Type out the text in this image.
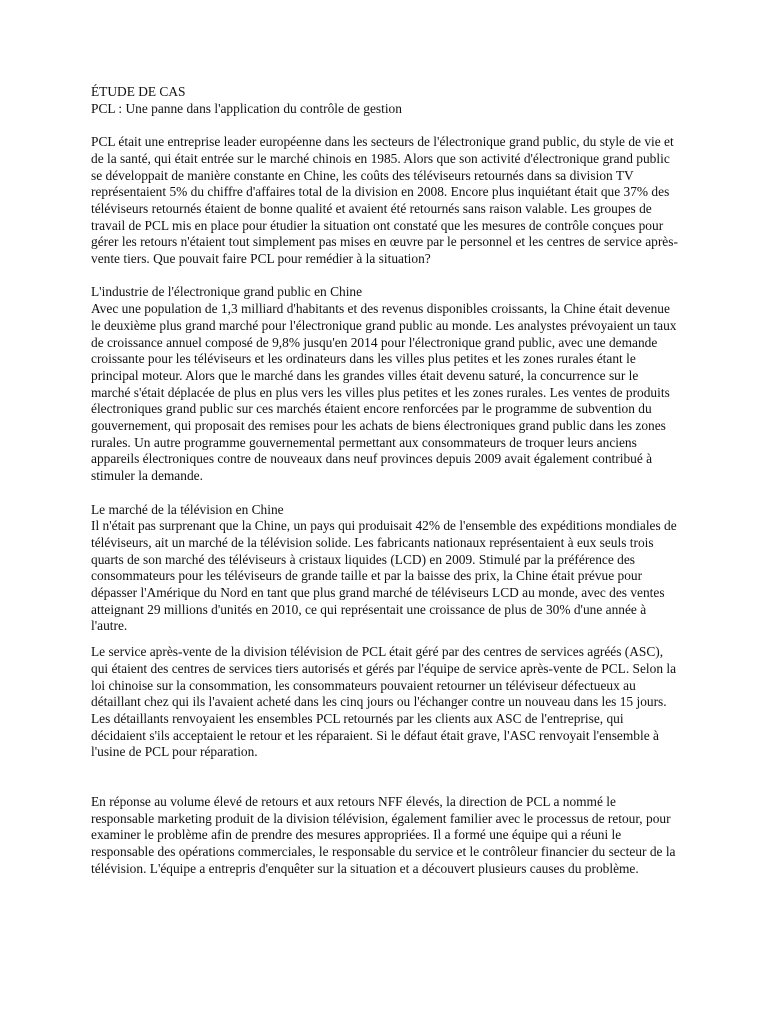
ÉTUDE DE CAS

PCL : Une panne dans l'application du contrôle de gestion

PCL était une entreprise leader européenne dans les secteurs de l'électronique grand public, du style de vie et de la santé, qui était entrée sur le marché chinois en 1985. Alors que son activité d'électronique grand public se développait de manière constante en Chine, les coûts des téléviseurs retournés dans sa division TV représentaient 5% du chiffre d'affaires total de la division en 2008. Encore plus inquiétant était que 37% des téléviseurs retournés étaient de bonne qualité et avaient été retournés sans raison valable. Les groupes de travail de PCL mis en place pour étudier la situation ont constaté que les mesures de contrôle conçues pour gérer les retours n'étaient tout simplement pas mises en œuvre par le personnel et les centres de service après-vente tiers. Que pouvait faire PCL pour remédier à la situation?

L'industrie de l'électronique grand public en Chine

Avec une population de 1,3 milliard d'habitants et des revenus disponibles croissants, la Chine était devenue le deuxième plus grand marché pour l'électronique grand public au monde. Les analystes prévoyaient un taux de croissance annuel composé de 9,8% jusqu'en 2014 pour l'électronique grand public, avec une demande croissante pour les téléviseurs et les ordinateurs dans les villes plus petites et les zones rurales étant le principal moteur. Alors que le marché dans les grandes villes était devenu saturé, la concurrence sur le marché s'était déplacée de plus en plus vers les villes plus petites et les zones rurales. Les ventes de produits électroniques grand public sur ces marchés étaient encore renforcées par le programme de subvention du gouvernement, qui proposait des remises pour les achats de biens électroniques grand public dans les zones rurales. Un autre programme gouvernemental permettant aux consommateurs de troquer leurs anciens appareils électroniques contre de nouveaux dans neuf provinces depuis 2009 avait également contribué à stimuler la demande.

Le marché de la télévision en Chine

Il n'était pas surprenant que la Chine, un pays qui produisait 42% de l'ensemble des expéditions mondiales de téléviseurs, ait un marché de la télévision solide. Les fabricants nationaux représentaient à eux seuls trois quarts de son marché des téléviseurs à cristaux liquides (LCD) en 2009. Stimulé par la préférence des consommateurs pour les téléviseurs de grande taille et par la baisse des prix, la Chine était prévue pour dépasser l'Amérique du Nord en tant que plus grand marché de téléviseurs LCD au monde, avec des ventes atteignant 29 millions d'unités en 2010, ce qui représentait une croissance de plus de 30% d'une année à l'autre.

Le service après-vente de la division télévision de PCL était géré par des centres de services agréés (ASC), qui étaient des centres de services tiers autorisés et gérés par l'équipe de service après-vente de PCL. Selon la loi chinoise sur la consommation, les consommateurs pouvaient retourner un téléviseur défectueux au détaillant chez qui ils l'avaient acheté dans les cinq jours ou l'échanger contre un nouveau dans les 15 jours. Les détaillants renvoyaient les ensembles PCL retournés par les clients aux ASC de l'entreprise, qui décidaient s'ils acceptaient le retour et les réparaient. Si le défaut était grave, l'ASC renvoyait l'ensemble à l'usine de PCL pour réparation.

En réponse au volume élevé de retours et aux retours NFF élevés, la direction de PCL a nommé le responsable marketing produit de la division télévision, également familier avec le processus de retour, pour examiner le problème afin de prendre des mesures appropriées. Il a formé une équipe qui a réuni le responsable des opérations commerciales, le responsable du service et le contrôleur financier du secteur de la télévision. L'équipe a entrepris d'enquêter sur la situation et a découvert plusieurs causes du problème.
